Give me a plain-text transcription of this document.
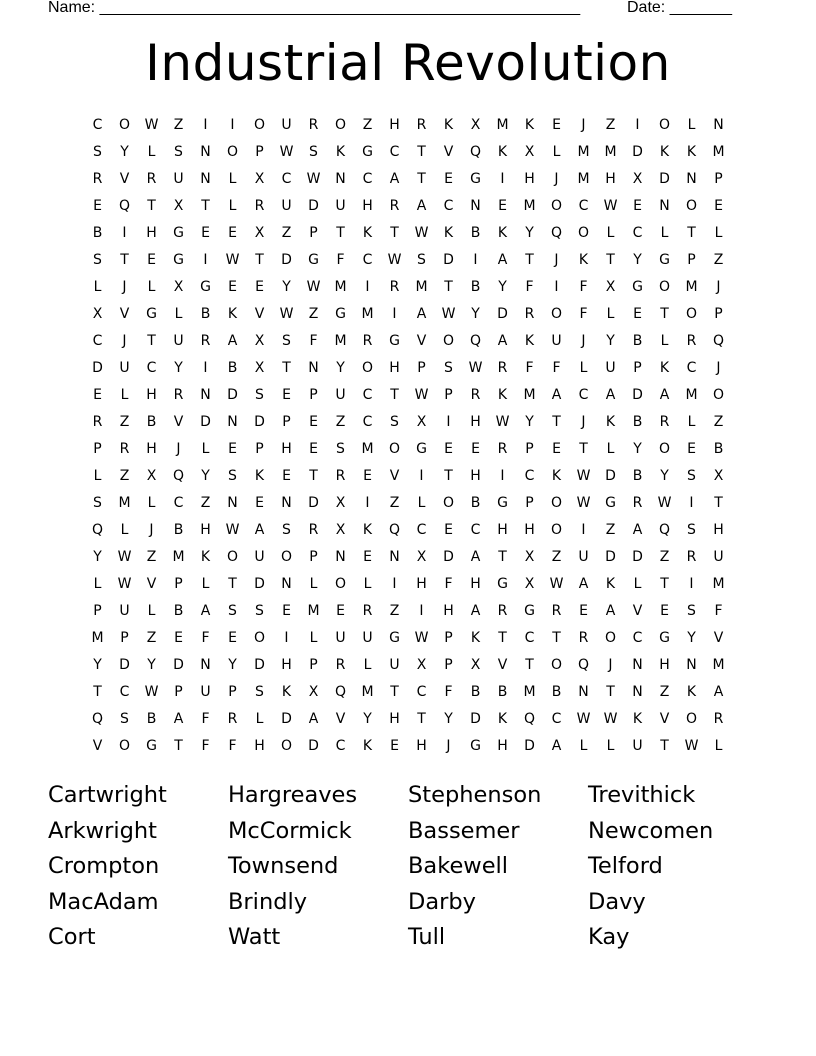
Name: ______________________________________________________	Date: _______
Industrial Revolution
C	O	W	Z	I	I	O	U	R	O	Z	H	R	K	X	M	K	E	J	Z	I	O	L	N
S	Y	L	S	N	O	P	W	S	K	G	C	T	V	Q	K	X	L	M	M	D	K	K	M
R	V	R	U	N	L	X	C	W	N	C	A	T	E	G	I	H	J	M	H	X	D	N	P
E	Q	T	X	T	L	R	U	D	U	H	R	A	C	N	E	M	O	C	W	E	N	O	E
B	I	H	G	E	E	X	Z	P	T	K	T	W	K	B	K	Y	Q	O	L	C	L	T	L
S	T	E	G	I	W	T	D	G	F	C	W	S	D	I	A	T	J	K	T	Y	G	P	Z
L	J	L	X	G	E	E	Y	W	M	I	R	M	T	B	Y	F	I	F	X	G	O	M	J
X	V	G	L	B	K	V	W	Z	G	M	I	A	W	Y	D	R	O	F	L	E	T	O	P
C	J	T	U	R	A	X	S	F	M	R	G	V	O	Q	A	K	U	J	Y	B	L	R	Q
D	U	C	Y	I	B	X	T	N	Y	O	H	P	S	W	R	F	F	L	U	P	K	C	J
E	L	H	R	N	D	S	E	P	U	C	T	W	P	R	K	M	A	C	A	D	A	M	O
R	Z	B	V	D	N	D	P	E	Z	C	S	X	I	H	W	Y	T	J	K	B	R	L	Z
P	R	H	J	L	E	P	H	E	S	M	O	G	E	E	R	P	E	T	L	Y	O	E	B
L	Z	X	Q	Y	S	K	E	T	R	E	V	I	T	H	I	C	K	W	D	B	Y	S	X
S	M	L	C	Z	N	E	N	D	X	I	Z	L	O	B	G	P	O	W	G	R	W	I	T
Q	L	J	B	H	W	A	S	R	X	K	Q	C	E	C	H	H	O	I	Z	A	Q	S	H
Y	W	Z	M	K	O	U	O	P	N	E	N	X	D	A	T	X	Z	U	D	D	Z	R	U
L	W	V	P	L	T	D	N	L	O	L	I	H	F	H	G	X	W	A	K	L	T	I	M
P	U	L	B	A	S	S	E	M	E	R	Z	I	H	A	R	G	R	E	A	V	E	S	F
M	P	Z	E	F	E	O	I	L	U	U	G	W	P	K	T	C	T	R	O	C	G	Y	V
Y	D	Y	D	N	Y	D	H	P	R	L	U	X	P	X	V	T	O	Q	J	N	H	N	M
T	C	W	P	U	P	S	K	X	Q	M	T	C	F	B	B	M	B	N	T	N	Z	K	A
Q	S	B	A	F	R	L	D	A	V	Y	H	T	Y	D	K	Q	C	W W	K	V	O	R
V	O	G	T	F	F	H	O	D	C	K	E	H	J	G	H	D	A	L	L	U	T	W	L
Cartwright	Hargreaves	Stephenson	Trevithick
Arkwright	McCormick	Bassemer	Newcomen
Crompton	Townsend	Bakewell	Telford
MacAdam	Brindly	Darby	Davy
Cort	Watt	Tull	Kay
